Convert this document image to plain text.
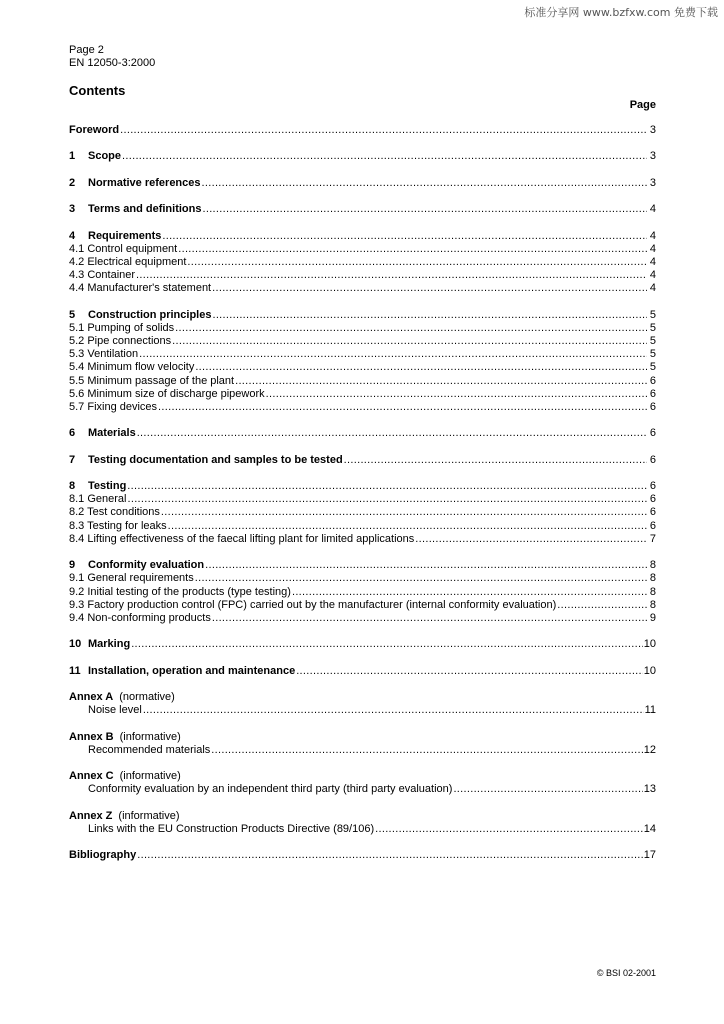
标准分享网 www.bzfxw.com 免费下载
Page 2
EN 12050-3:2000
Contents
Page
Foreword .....	3
1	Scope .....	3
2	Normative references .....	3
3	Terms and definitions .....	4
4	Requirements .....	4
4.1 Control equipment .....	4
4.2 Electrical equipment .....	4
4.3 Container .....	4
4.4 Manufacturer's statement .....	4
5	Construction principles .....	5
5.1 Pumping of solids .....	5
5.2 Pipe connections .....	5
5.3 Ventilation .....	5
5.4 Minimum flow velocity .....	5
5.5 Minimum passage of the plant .....	6
5.6 Minimum size of discharge pipework .....	6
5.7 Fixing devices .....	6
6	Materials .....	6
7	Testing documentation and samples to be tested .....	6
8	Testing .....	6
8.1 General .....	6
8.2 Test conditions .....	6
8.3 Testing for leaks .....	6
8.4 Lifting effectiveness of the faecal lifting plant for limited applications .....	7
9	Conformity evaluation .....	8
9.1 General requirements .....	8
9.2 Initial testing of the products (type testing) .....	8
9.3 Factory production control (FPC) carried out by the manufacturer (internal conformity evaluation) .....	8
9.4 Non-conforming products .....	9
10 Marking .....	10
11 Installation, operation and maintenance .....	10
Annex A (normative)
Noise level .....	11
Annex B (informative)
Recommended materials .....	12
Annex C (informative)
Conformity evaluation by an independent third party (third party evaluation) .....	13
Annex Z (informative)
Links with the EU Construction Products Directive (89/106) .....	14
Bibliography .....	17
© BSI 02-2001
